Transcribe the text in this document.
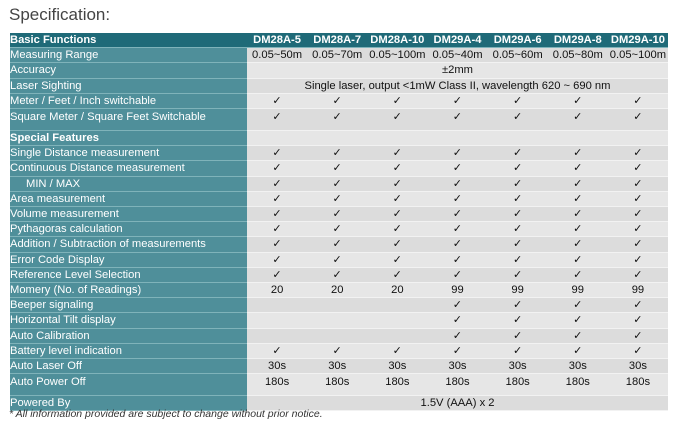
Specification:
Basic Functions	DM28A-5	DM28A-7	DM28A-10	DM29A-4	DM29A-6	DM29A-8	DM29A-10
Measuring Range	0.05~50m	0.05~70m	0.05~100m	0.05~40m	0.05~60m	0.05~80m	0.05~100m
Accuracy	±2mm						
Laser Sighting	Single laser, output <1mW Class II, wavelength 620 ~ 690 nm						
Meter / Feet / Inch switchable	✓	✓	✓	✓	✓	✓	✓
Square Meter / Square Feet Switchable	✓	✓	✓	✓	✓	✓	✓
Special Features							
Single Distance measurement	✓	✓	✓	✓	✓	✓	✓
Continuous Distance measurement	✓	✓	✓	✓	✓	✓	✓
MIN / MAX	✓	✓	✓	✓	✓	✓	✓
Area measurement	✓	✓	✓	✓	✓	✓	✓
Volume measurement	✓	✓	✓	✓	✓	✓	✓
Pythagoras calculation	✓	✓	✓	✓	✓	✓	✓
Addition / Subtraction of measurements	✓	✓	✓	✓	✓	✓	✓
Error Code Display	✓	✓	✓	✓	✓	✓	✓
Reference Level Selection	✓	✓	✓	✓	✓	✓	✓
Momery (No. of Readings)	20	20	20	99	99	99	99
Beeper signaling				✓	✓	✓	✓
Horizontal Tilt display				✓	✓	✓	✓
Auto Calibration				✓	✓	✓	✓
Battery level indication	✓	✓	✓	✓	✓	✓	✓
Auto Laser Off	30s	30s	30s	30s	30s	30s	30s
Auto Power Off	180s	180s	180s	180s	180s	180s	180s
Powered By	1.5V (AAA) x 2						
* All information provided are subject to change without prior notice.
